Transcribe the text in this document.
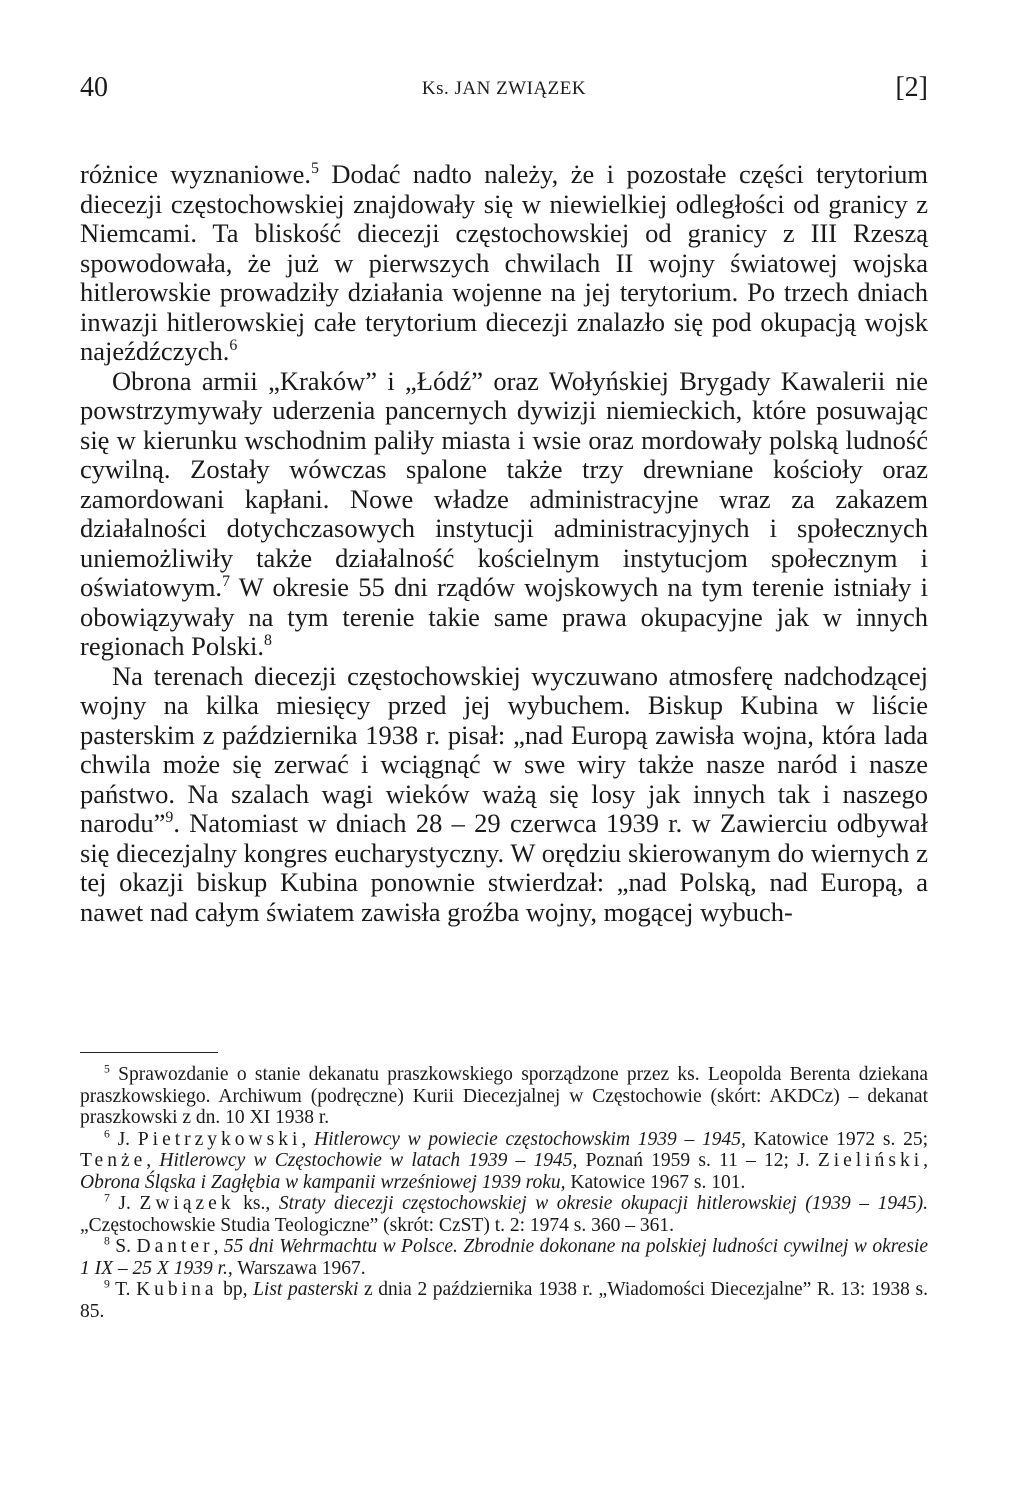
40	Ks. JAN ZWIĄZEK	[2]

różnice wyznaniowe.$^5$ Dodać nadto należy, że i pozostałe części terytorium diecezji częstochowskiej znajdowały się w niewielkiej odległości od granicy z Niemcami. Ta bliskość diecezji częstochowskiej od granicy z III Rzeszą spowodowała, że już w pierwszych chwilach II wojny światowej wojska hitlerowskie prowadziły działania wojenne na jej terytorium. Po trzech dniach inwazji hitlerowskiej całe terytorium diecezji znalazło się pod okupacją wojsk najeźdźczych.$^6$

Obrona armii „Kraków” i „Łódź” oraz Wołyńskiej Brygady Kawalerii nie powstrzymywały uderzenia pancernych dywizji niemieckich, które posuwając się w kierunku wschodnim paliły miasta i wsie oraz mordowały polską ludność cywilną. Zostały wówczas spalone także trzy drewniane kościoły oraz zamordowani kapłani. Nowe władze administracyjne wraz za zakazem działalności dotychczasowych instytucji administracyjnych i społecznych uniemożliwiły także działalność kościelnym instytucjom społecznym i oświatowym.$^7$ W okresie 55 dni rządów wojskowych na tym terenie istniały i obowiązywały na tym terenie takie same prawa okupacyjne jak w innych regionach Polski.$^8$

Na terenach diecezji częstochowskiej wyczuwano atmosferę nadchodzącej wojny na kilka miesięcy przed jej wybuchem. Biskup Kubina w liście pasterskim z października 1938 r. pisał: „nad Europą zawisła wojna, która lada chwila może się zerwać i wciągnąć w swe wiry także nasze naród i nasze państwo. Na szalach wagi wieków ważą się losy jak innych tak i naszego narodu”$^9$. Natomiast w dniach 28 – 29 czerwca 1939 r. w Zawierciu odbywał się diecezjalny kongres eucharystyczny. W orędziu skierowanym do wiernych z tej okazji biskup Kubina ponownie stwierdzał: „nad Polską, nad Europą, a nawet nad całym światem zawisła groźba wojny, mogącej wybuch-

$^5$ Sprawozdanie o stanie dekanatu praszkowskiego sporządzone przez ks. Leopolda Berenta dziekana praszkowskiego. Archiwum (podręczne) Kurii Diecezjalnej w Częstochowie (skórt: AKDCz) – dekanat praszkowski z dn. 10 XI 1938 r.

$^6$ J. Pietrzykowski, Hitlerowcy w powiecie częstochowskim 1939 – 1945, Katowice 1972 s. 25; Tenże, Hitlerowcy w Częstochowie w latach 1939 – 1945, Poznań 1959 s. 11 – 12; J. Zieliński, Obrona Śląska i Zagłębia w kampanii wrześniowej 1939 roku, Katowice 1967 s. 101.

$^7$ J. Związek ks., Straty diecezji częstochowskiej w okresie okupacji hitlerowskiej (1939 – 1945). „Częstochowskie Studia Teologiczne” (skrót: CzST) t. 2: 1974 s. 360 – 361.

$^8$ S. Danter, 55 dni Wehrmachtu w Polsce. Zbrodnie dokonane na polskiej ludności cywilnej w okresie 1 IX – 25 X 1939 r., Warszawa 1967.

$^9$ T. Kubina bp, List pasterski z dnia 2 października 1938 r. „Wiadomości Diecezjalne” R. 13: 1938 s. 85.
